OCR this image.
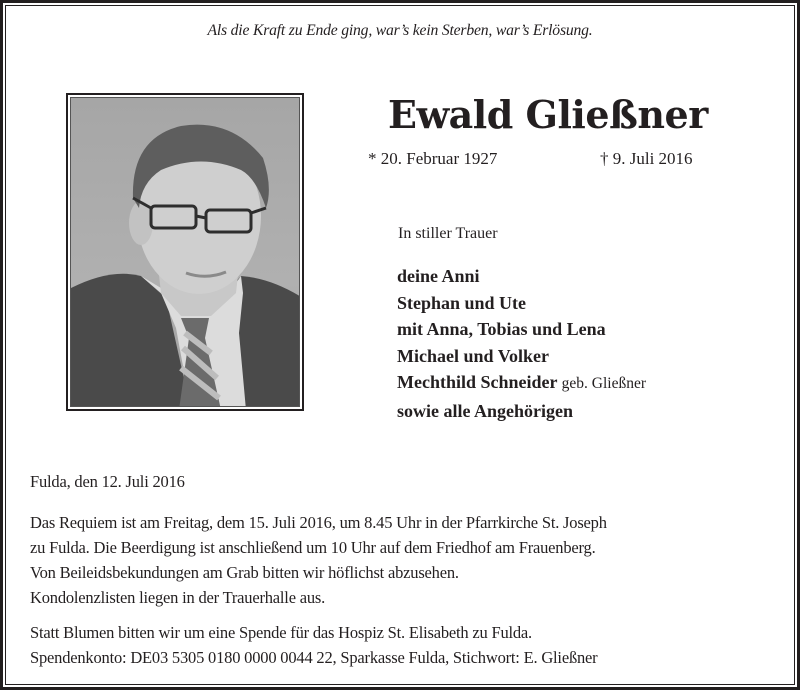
Als die Kraft zu Ende ging, war’s kein Sterben, war’s Erlösung.
Ewald Gließner
* 20. Februar 1927	† 9. Juli 2016
In stiller Trauer
deine Anni
Stephan und Ute
mit Anna, Tobias und Lena
Michael und Volker
Mechthild Schneider geb. Gließner
sowie alle Angehörigen
Fulda, den 12. Juli 2016

Das Requiem ist am Freitag, dem 15. Juli 2016, um 8.45 Uhr in der Pfarrkirche St. Joseph

zu Fulda. Die Beerdigung ist anschließend um 10 Uhr auf dem Friedhof am Frauenberg.

Von Beileidsbekundungen am Grab bitten wir höflichst abzusehen.

Kondolenzlisten liegen in der Trauerhalle aus.

Statt Blumen bitten wir um eine Spende für das Hospiz St. Elisabeth zu Fulda.

Spendenkonto: DE03 5305 0180 0000 0044 22, Sparkasse Fulda, Stichwort: E. Gließner
